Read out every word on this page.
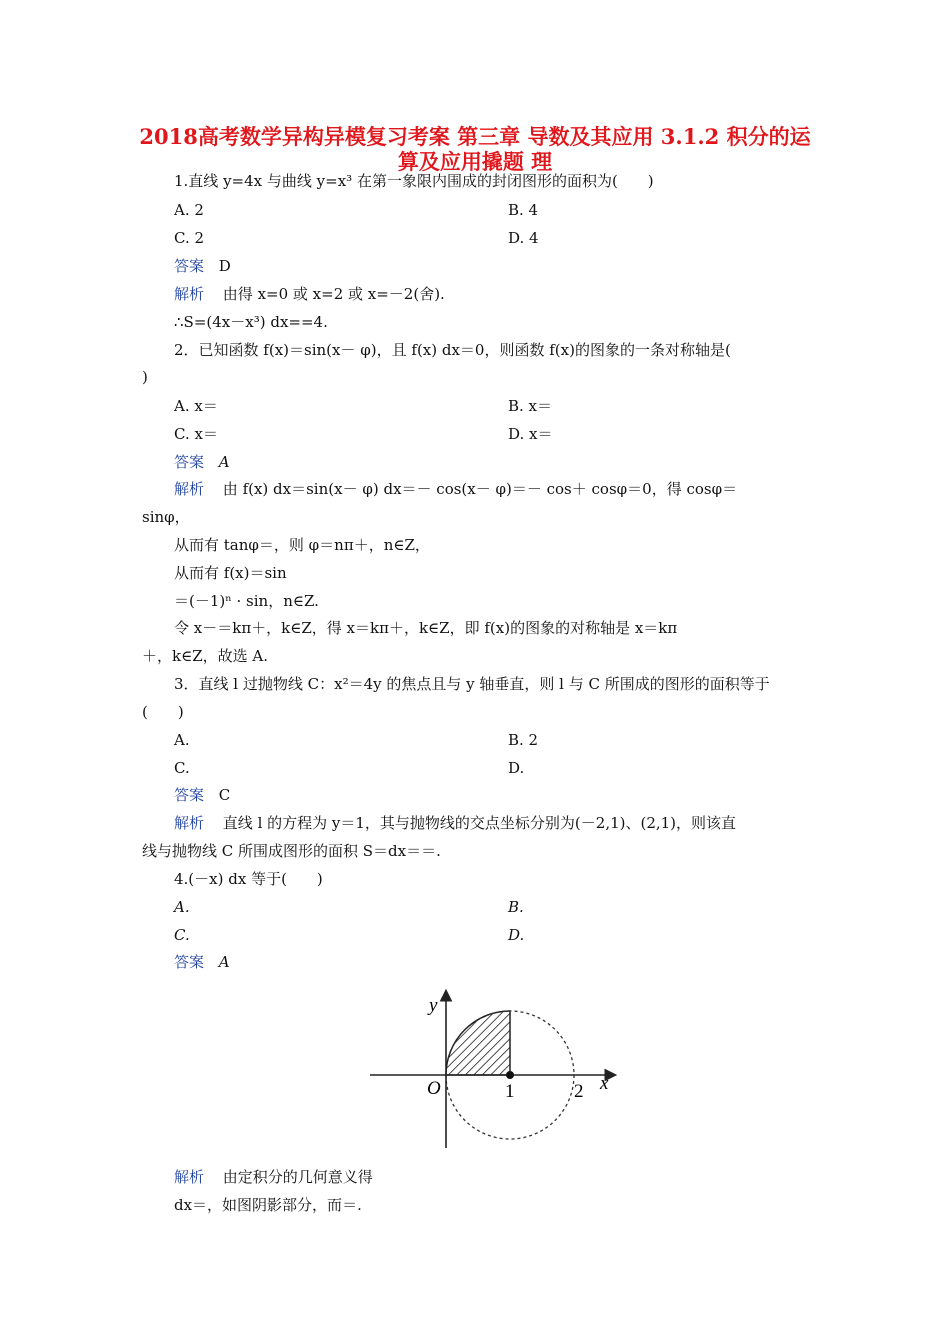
2018高考数学异构异模复习考案 第三章 导数及其应用 3.1.2 积分的运算及应用撬题 理
1.直线 y=4x 与曲线 y=x³ 在第一象限内围成的封闭图形的面积为(　　)
A. 2	B. 4
C. 2	D. 4
答案 D
解析 由得 x=0 或 x=2 或 x=－2(舍).
∴S=(4x－x³) dx==4.
2．已知函数 f(x)＝sin(x－ φ)，且 f(x) dx＝0，则函数 f(x)的图象的一条对称轴是(
)
A. x＝	B. x＝
C. x＝	D. x＝
答案 A
解析 由 f(x) dx＝sin(x－ φ) dx＝－ cos(x－ φ)＝－ cos＋ cosφ＝0，得 cosφ＝
sinφ，
从而有 tanφ＝，则 φ＝nπ＋，n∈Z，
从而有 f(x)＝sin
＝(－1)ⁿ · sin，n∈Z.
令 x－＝kπ＋，k∈Z，得 x＝kπ＋，k∈Z，即 f(x)的图象的对称轴是 x＝kπ
＋，k∈Z，故选 A.
3．直线 l 过抛物线 C：x²＝4y 的焦点且与 y 轴垂直，则 l 与 C 所围成的图形的面积等于
(　　)
A.	B. 2
C.	D.
答案 C
解析 直线 l 的方程为 y＝1，其与抛物线的交点坐标分别为(－2,1)、(2,1)，则该直
线与抛物线 C 所围成图形的面积 S＝dx＝＝.
4.(－x) dx 等于(　　)
A.	B.
C.	D.
答案 A
y
x
O	1	2
解析 由定积分的几何意义得
dx＝，如图阴影部分，而＝.
